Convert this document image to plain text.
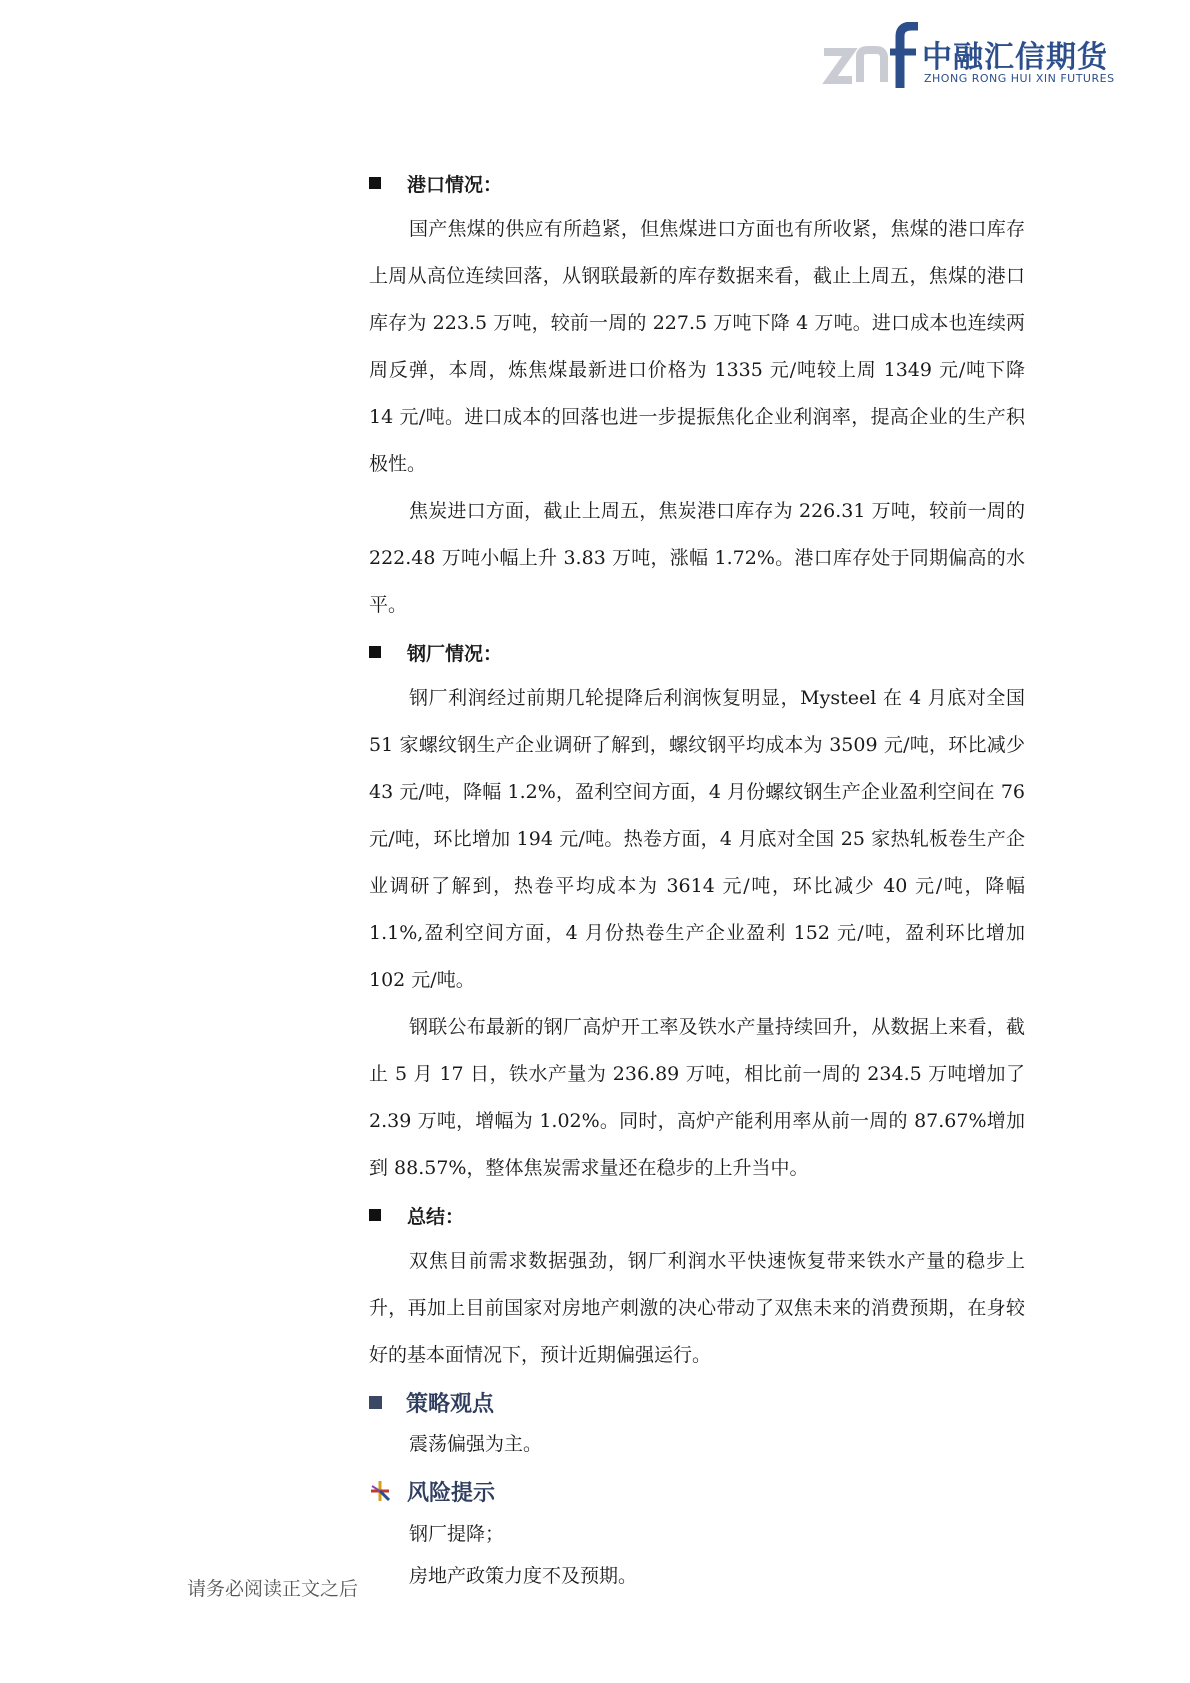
中融汇信期货
ZHONG RONG HUI XIN FUTURES
港口情况：

国产焦煤的供应有所趋紧，但焦煤进口方面也有所收紧，焦煤的港口库存上周从高位连续回落，从钢联最新的库存数据来看，截止上周五，焦煤的港口库存为 223.5 万吨，较前一周的 227.5 万吨下降 4 万吨。进口成本也连续两周反弹，本周，炼焦煤最新进口价格为 1335 元/吨较上周 1349 元/吨下降 14 元/吨。进口成本的回落也进一步提振焦化企业利润率，提高企业的生产积极性。

焦炭进口方面，截止上周五，焦炭港口库存为 226.31 万吨，较前一周的 222.48 万吨小幅上升 3.83 万吨，涨幅 1.72%。港口库存处于同期偏高的水平。

钢厂情况：

钢厂利润经过前期几轮提降后利润恢复明显，Mysteel 在 4 月底对全国 51 家螺纹钢生产企业调研了解到，螺纹钢平均成本为 3509 元/吨，环比减少 43 元/吨，降幅 1.2%，盈利空间方面，4 月份螺纹钢生产企业盈利空间在 76 元/吨，环比增加 194 元/吨。热卷方面，4 月底对全国 25 家热轧板卷生产企业调研了解到，热卷平均成本为 3614 元/吨，环比减少 40 元/吨，降幅 1.1%,盈利空间方面，4 月份热卷生产企业盈利 152 元/吨，盈利环比增加 102 元/吨。

钢联公布最新的钢厂高炉开工率及铁水产量持续回升，从数据上来看，截止 5 月 17 日，铁水产量为 236.89 万吨，相比前一周的 234.5 万吨增加了 2.39 万吨，增幅为 1.02%。同时，高炉产能利用率从前一周的 87.67%增加到 88.57%，整体焦炭需求量还在稳步的上升当中。

总结：

双焦目前需求数据强劲，钢厂利润水平快速恢复带来铁水产量的稳步上升，再加上目前国家对房地产刺激的决心带动了双焦未来的消费预期，在身较好的基本面情况下，预计近期偏强运行。

策略观点

震荡偏强为主。

风险提示

钢厂提降；

房地产政策力度不及预期。

请务必阅读正文之后
